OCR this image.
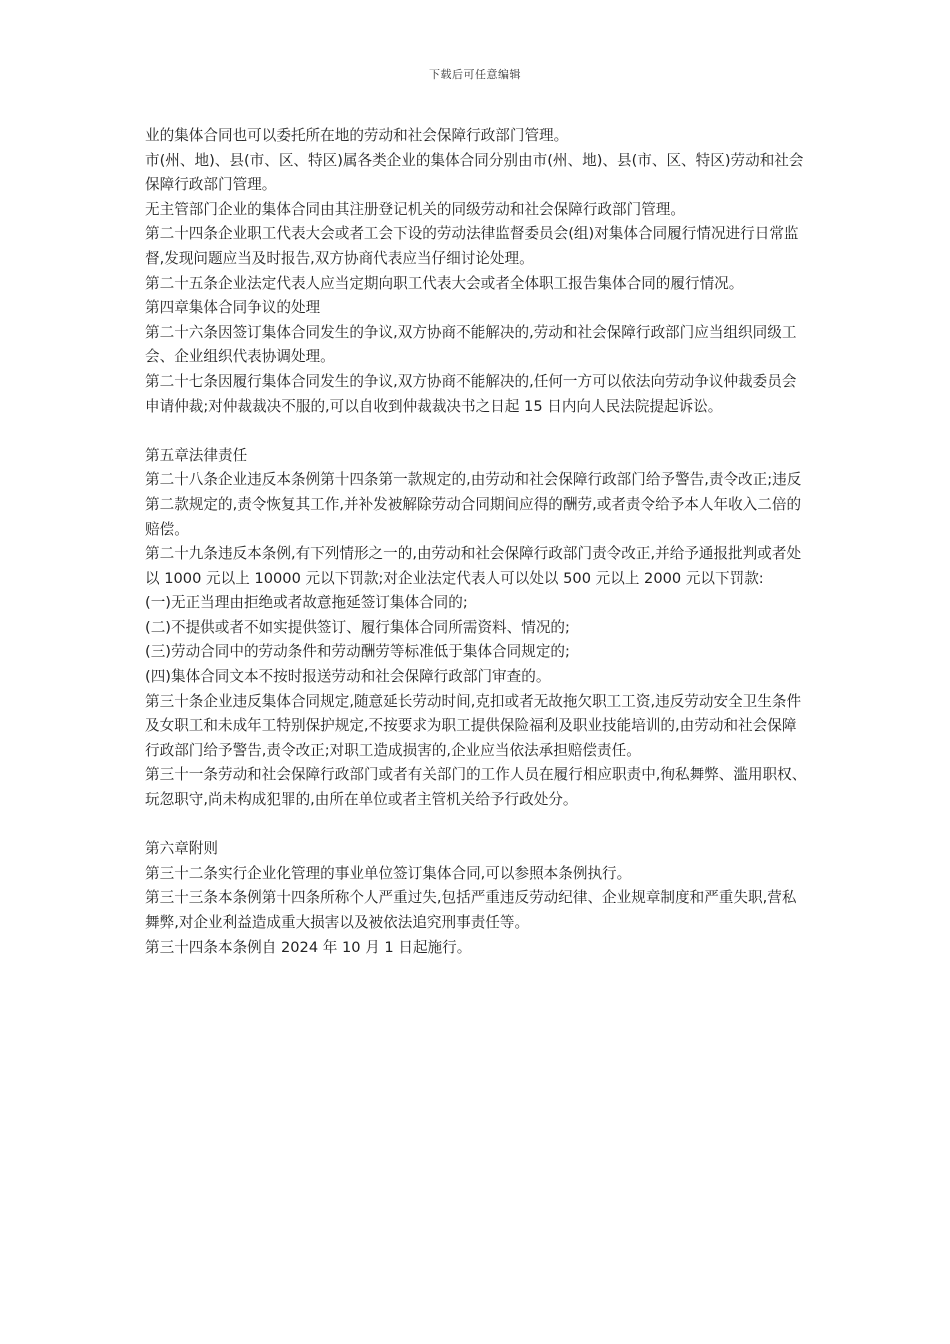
下载后可任意编辑

业的集体合同也可以委托所在地的劳动和社会保障行政部门管理。

市(州、地)、县(市、区、特区)属各类企业的集体合同分别由市(州、地)、县(市、区、特区)劳动和社会保障行政部门管理。

无主管部门企业的集体合同由其注册登记机关的同级劳动和社会保障行政部门管理。

第二十四条企业职工代表大会或者工会下设的劳动法律监督委员会(组)对集体合同履行情况进行日常监督,发现问题应当及时报告,双方协商代表应当仔细讨论处理。

第二十五条企业法定代表人应当定期向职工代表大会或者全体职工报告集体合同的履行情况。

第四章集体合同争议的处理

第二十六条因签订集体合同发生的争议,双方协商不能解决的,劳动和社会保障行政部门应当组织同级工会、企业组织代表协调处理。

第二十七条因履行集体合同发生的争议,双方协商不能解决的,任何一方可以依法向劳动争议仲裁委员会申请仲裁;对仲裁裁决不服的,可以自收到仲裁裁决书之日起 15 日内向人民法院提起诉讼。

第五章法律责任

第二十八条企业违反本条例第十四条第一款规定的,由劳动和社会保障行政部门给予警告,责令改正;违反第二款规定的,责令恢复其工作,并补发被解除劳动合同期间应得的酬劳,或者责令给予本人年收入二倍的赔偿。

第二十九条违反本条例,有下列情形之一的,由劳动和社会保障行政部门责令改正,并给予通报批判或者处以 1000 元以上 10000 元以下罚款;对企业法定代表人可以处以 500 元以上 2000 元以下罚款:

(一)无正当理由拒绝或者故意拖延签订集体合同的;

(二)不提供或者不如实提供签订、履行集体合同所需资料、情况的;

(三)劳动合同中的劳动条件和劳动酬劳等标准低于集体合同规定的;

(四)集体合同文本不按时报送劳动和社会保障行政部门审查的。

第三十条企业违反集体合同规定,随意延长劳动时间,克扣或者无故拖欠职工工资,违反劳动安全卫生条件及女职工和未成年工特别保护规定,不按要求为职工提供保险福利及职业技能培训的,由劳动和社会保障行政部门给予警告,责令改正;对职工造成损害的,企业应当依法承担赔偿责任。

第三十一条劳动和社会保障行政部门或者有关部门的工作人员在履行相应职责中,徇私舞弊、滥用职权、玩忽职守,尚未构成犯罪的,由所在单位或者主管机关给予行政处分。

第六章附则

第三十二条实行企业化管理的事业单位签订集体合同,可以参照本条例执行。

第三十三条本条例第十四条所称个人严重过失,包括严重违反劳动纪律、企业规章制度和严重失职,营私舞弊,对企业利益造成重大损害以及被依法追究刑事责任等。

第三十四条本条例自 2024 年 10 月 1 日起施行。
